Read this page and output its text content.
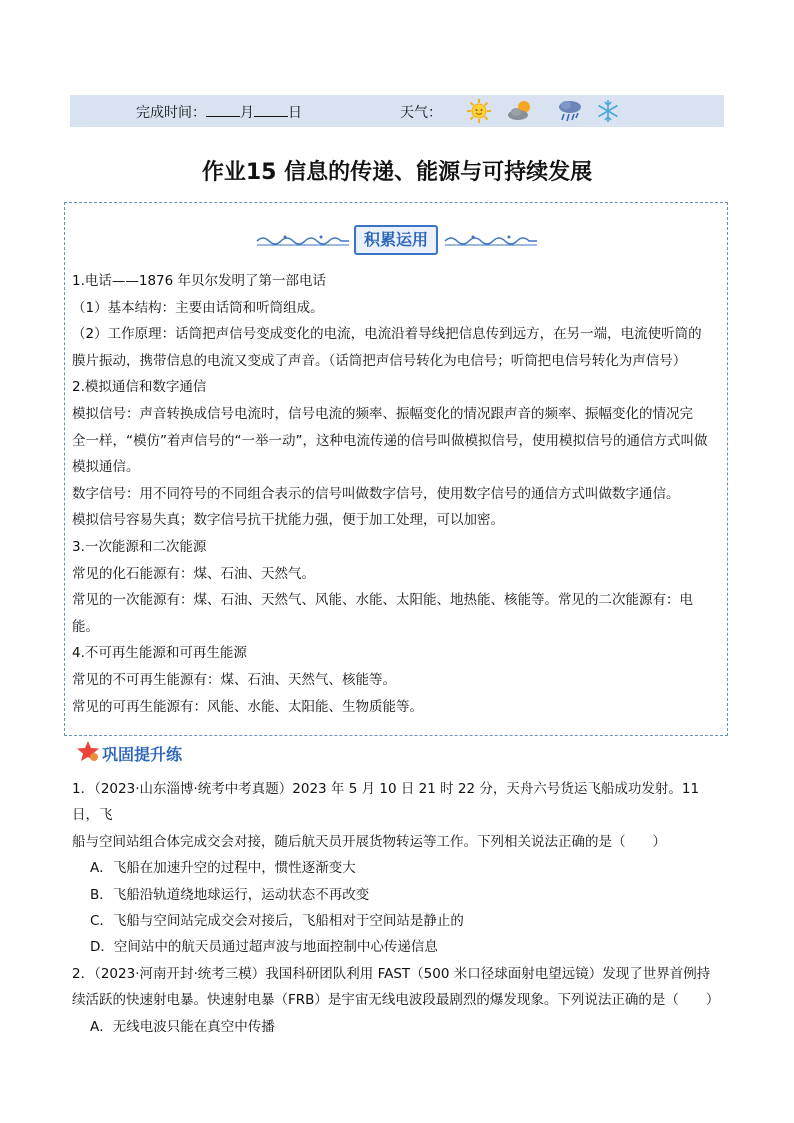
完成时间： 月 日	天气：
作业15 信息的传递、能源与可持续发展
积累运用

1.电话——1876 年贝尔发明了第一部电话

（1）基本结构：主要由话筒和听筒组成。

（2）工作原理：话筒把声信号变成变化的电流，电流沿着导线把信息传到远方，在另一端，电流使听筒的

膜片振动，携带信息的电流又变成了声音。（话筒把声信号转化为电信号；听筒把电信号转化为声信号）

2.模拟通信和数字通信

模拟信号：声音转换成信号电流时，信号电流的频率、振幅变化的情况跟声音的频率、振幅变化的情况完

全一样，“模仿”着声信号的“一举一动”，这种电流传递的信号叫做模拟信号，使用模拟信号的通信方式叫做

模拟通信。

数字信号：用不同符号的不同组合表示的信号叫做数字信号，使用数字信号的通信方式叫做数字通信。

模拟信号容易失真；数字信号抗干扰能力强，便于加工处理，可以加密。

3.一次能源和二次能源

常见的化石能源有：煤、石油、天然气。

常见的一次能源有：煤、石油、天然气、风能、水能、太阳能、地热能、核能等。常见的二次能源有：电

能。

4.不可再生能源和可再生能源

常见的不可再生能源有：煤、石油、天然气、核能等。

常见的可再生能源有：风能、水能、太阳能、生物质能等。

巩固提升练

1．（2023·山东淄博·统考中考真题）2023 年 5 月 10 日 21 时 22 分，天舟六号货运飞船成功发射。11 日，飞

船与空间站组合体完成交会对接，随后航天员开展货物转运等工作。下列相关说法正确的是（　　）

A．飞船在加速升空的过程中，惯性逐渐变大

B．飞船沿轨道绕地球运行，运动状态不再改变

C．飞船与空间站完成交会对接后，飞船相对于空间站是静止的

D．空间站中的航天员通过超声波与地面控制中心传递信息

2．（2023·河南开封·统考三模）我国科研团队利用 FAST（500 米口径球面射电望远镜）发现了世界首例持

续活跃的快速射电暴。快速射电暴（FRB）是宇宙无线电波段最剧烈的爆发现象。下列说法正确的是（　　）

A．无线电波只能在真空中传播
